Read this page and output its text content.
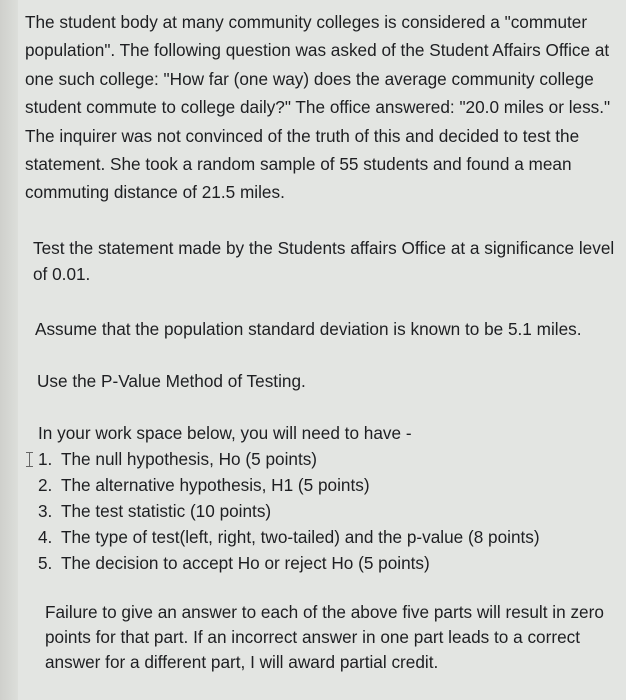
The student body at many community colleges is considered a "commuter population". The following question was asked of the Student Affairs Office at one such college: "How far (one way) does the average community college student commute to college daily?" The office answered: "20.0 miles or less." The inquirer was not convinced of the truth of this and decided to test the statement. She took a random sample of 55 students and found a mean commuting distance of 21.5 miles.
Test the statement made by the Students affairs Office at a significance level of 0.01.
Assume that the population standard deviation is known to be 5.1 miles.
Use the P-Value Method of Testing.
In your work space below, you will need to have -
1. The null hypothesis, Ho (5 points)
2. The alternative hypothesis, H1 (5 points)
3. The test statistic (10 points)
4. The type of test(left, right, two-tailed) and the p-value (8 points)
5. The decision to accept Ho or reject Ho (5 points)
Failure to give an answer to each of the above five parts will result in zero points for that part. If an incorrect answer in one part leads to a correct answer for a different part, I will award partial credit.
